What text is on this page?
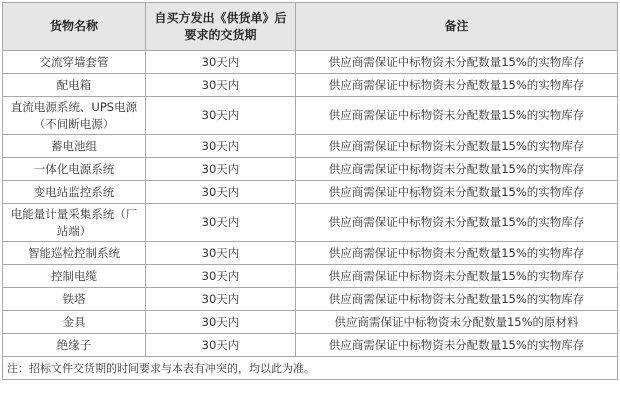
货物名称	自买方发出《供货单》后要求的交货期	备注
交流穿墙套管	30天内	供应商需保证中标物资未分配数量15%的实物库存
配电箱	30天内	供应商需保证中标物资未分配数量15%的实物库存
直流电源系统、UPS电源（不间断电源）	30天内	供应商需保证中标物资未分配数量15%的实物库存
蓄电池组	30天内	供应商需保证中标物资未分配数量15%的实物库存
一体化电源系统	30天内	供应商需保证中标物资未分配数量15%的实物库存
变电站监控系统	30天内	供应商需保证中标物资未分配数量15%的实物库存
电能量计量采集系统（厂站端）	30天内	供应商需保证中标物资未分配数量15%的实物库存
智能巡检控制系统	30天内	供应商需保证中标物资未分配数量15%的实物库存
控制电缆	30天内	供应商需保证中标物资未分配数量15%的实物库存
铁塔	30天内	供应商需保证中标物资未分配数量15%的实物库存
金具	30天内	供应商需保证中标物资未分配数量15%的原材料
绝缘子	30天内	供应商需保证中标物资未分配数量15%的实物库存
注：招标文件交货期的时间要求与本表有冲突的，均以此为准。		
